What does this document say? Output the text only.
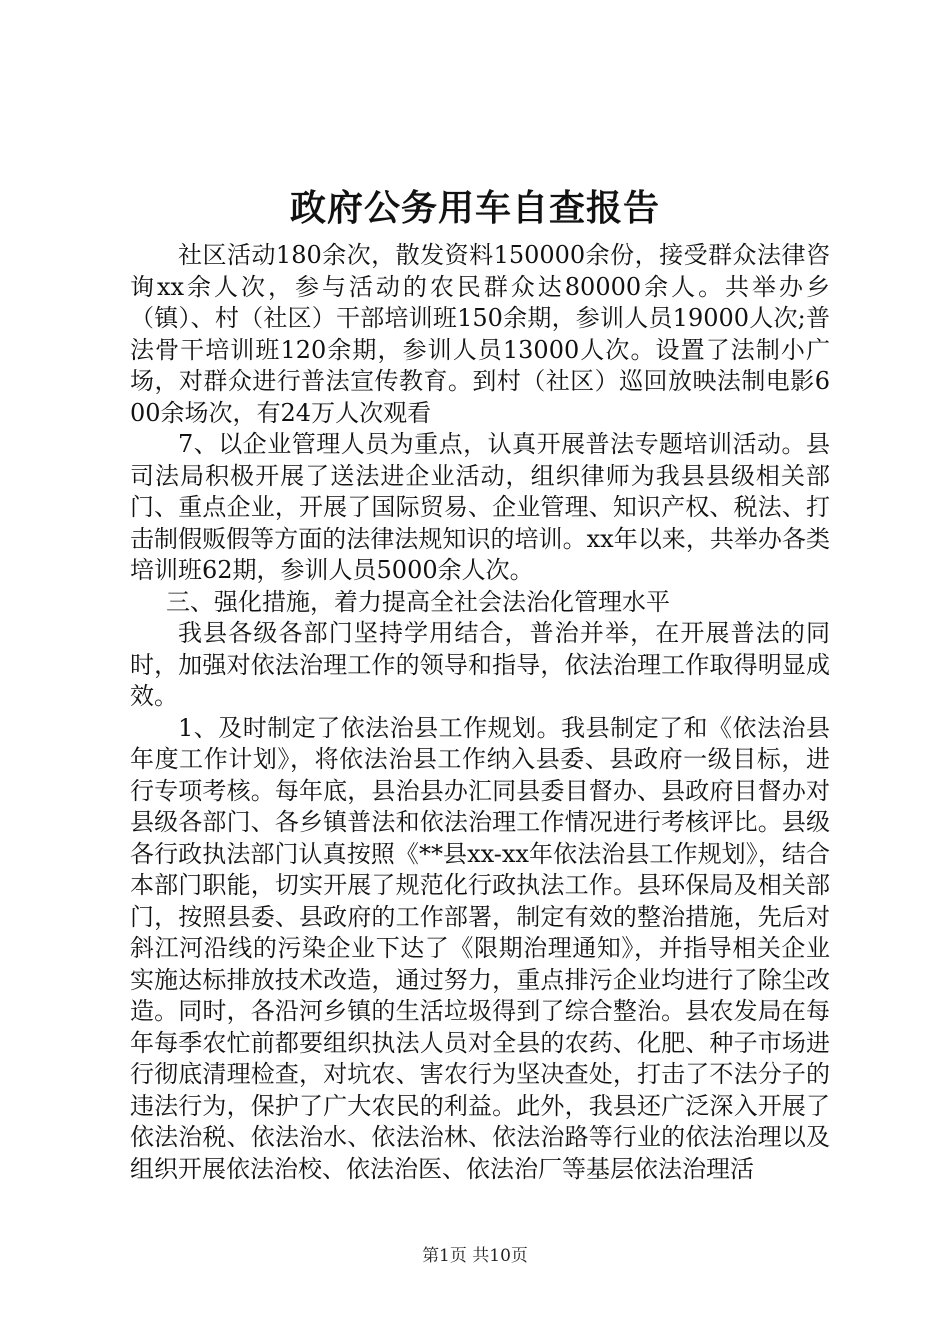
政府公务用车自查报告

社区活动180余次，散发资料150000余份，接受群众法律咨询xx余人次，参与活动的农民群众达80000余人。共举办乡（镇）、村（社区）干部培训班150余期，参训人员19000人次;普法骨干培训班120余期，参训人员13000人次。设置了法制小广场，对群众进行普法宣传教育。到村（社区）巡回放映法制电影600余场次，有24万人次观看

7、以企业管理人员为重点，认真开展普法专题培训活动。县司法局积极开展了送法进企业活动，组织律师为我县县级相关部门、重点企业，开展了国际贸易、企业管理、知识产权、税法、打击制假贩假等方面的法律法规知识的培训。xx年以来，共举办各类培训班62期，参训人员5000余人次。

三、强化措施，着力提高全社会法治化管理水平

我县各级各部门坚持学用结合，普治并举，在开展普法的同时，加强对依法治理工作的领导和指导，依法治理工作取得明显成效。

1、及时制定了依法治县工作规划。我县制定了和《依法治县年度工作计划》，将依法治县工作纳入县委、县政府一级目标，进行专项考核。每年底，县治县办汇同县委目督办、县政府目督办对县级各部门、各乡镇普法和依法治理工作情况进行考核评比。县级各行政执法部门认真按照《**县xx-xx年依法治县工作规划》，结合本部门职能，切实开展了规范化行政执法工作。县环保局及相关部门，按照县委、县政府的工作部署，制定有效的整治措施，先后对斜江河沿线的污染企业下达了《限期治理通知》，并指导相关企业实施达标排放技术改造，通过努力，重点排污企业均进行了除尘改造。同时，各沿河乡镇的生活垃圾得到了综合整治。县农发局在每年每季农忙前都要组织执法人员对全县的农药、化肥、种子市场进行彻底清理检查，对坑农、害农行为坚决查处，打击了不法分子的违法行为，保护了广大农民的利益。此外，我县还广泛深入开展了依法治税、依法治水、依法治林、依法治路等行业的依法治理以及组织开展依法治校、依法治医、依法治厂等基层依法治理活

第1页 共10页
